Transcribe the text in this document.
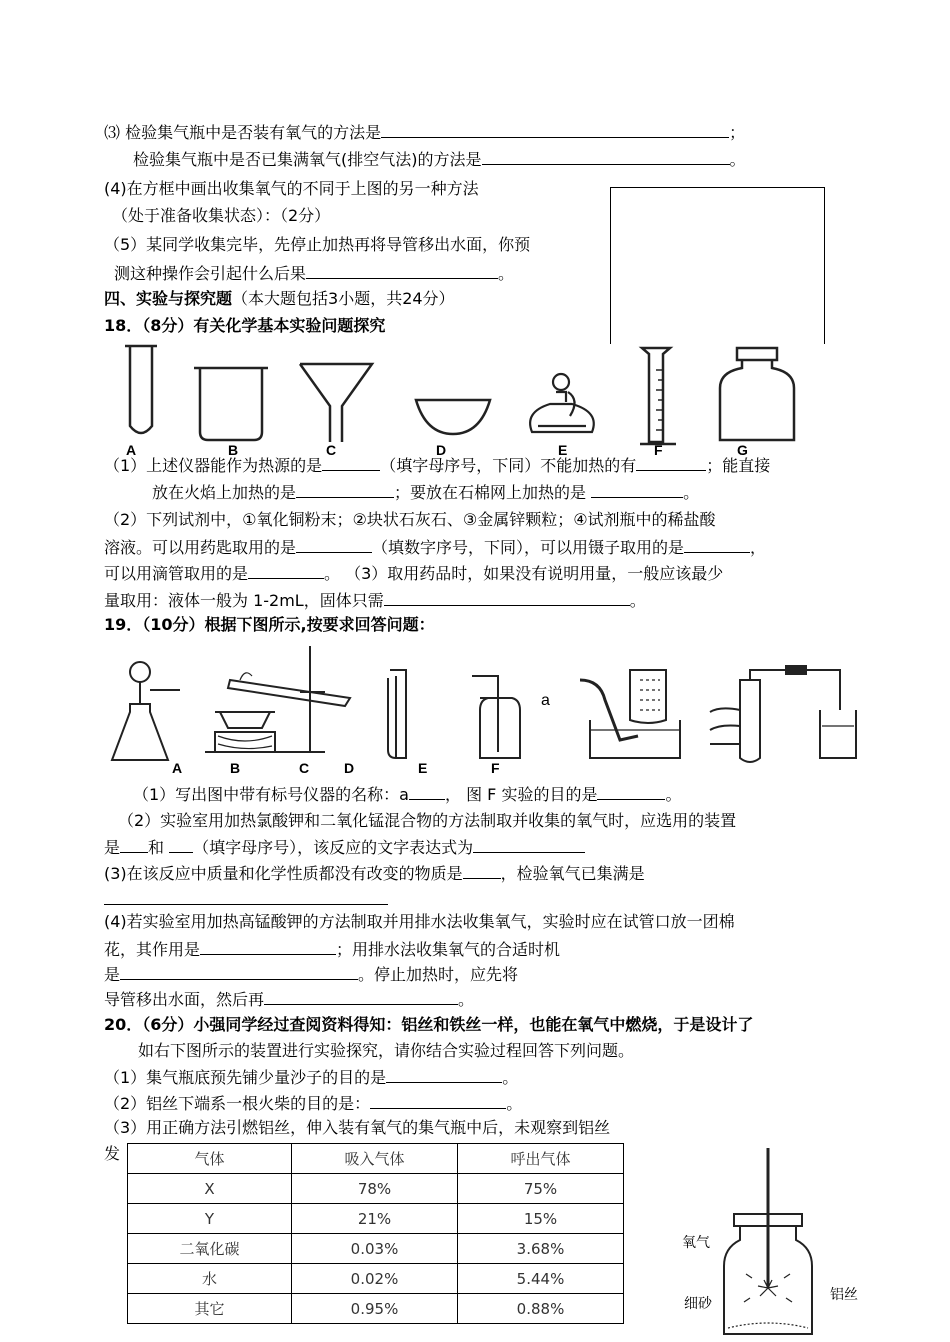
⑶ 检验集气瓶中是否装有氧气的方法是	；
检验集气瓶中是否已集满氧气(排空气法)的方法是	。
(4)在方框中画出收集氧气的不同于上图的另一种方法
（处于准备收集状态）：（2分）
（5）某同学收集完毕，先停止加热再将导管移出水面，你预
测这种操作会引起什么后果	。
四、实验与探究题（本大题包括3小题，共24分）
18．（8分）有关化学基本实验问题探究
A	B	C	D	E	F	G
（1）上述仪器能作为热源的是	（填字母序号，下同）不能加热的有	；能直接
放在火焰上加热的是	；要放在石棉网上加热的是	。
（2）下列试剂中，①氧化铜粉末；②块状石灰石、③金属锌颗粒；④试剂瓶中的稀盐酸
溶液。可以用药匙取用的是	（填数字序号，下同），可以用镊子取用的是	，
可以用滴管取用的是	。 （3）取用药品时，如果没有说明用量，一般应该最少
量取用：液体一般为 1-2mL，固体只需	。
19．（10分）根据下图所示,按要求回答问题：
A	B	C D	E	F
a
（1）写出图中带有标号仪器的名称：a ， 图 F 实验的目的是	。
（2）实验室用加热氯酸钾和二氧化锰混合物的方法制取并收集的氧气时，应选用的装置
是 和 （填字母序号），该反应的文字表达式为
(3)在该反应中质量和化学性质都没有改变的物质是 ，检验氧气已集满是
(4)若实验室用加热高锰酸钾的方法制取并用排水法收集氧气，实验时应在试管口放一团棉
花，其作用是	；用排水法收集氧气的合适时机
是	。停止加热时，应先将
导管移出水面，然后再	。
20．（6分）小强同学经过查阅资料得知：铝丝和铁丝一样，也能在氧气中燃烧，于是设计了
如右下图所示的装置进行实验探究，请你结合实验过程回答下列问题。
（1）集气瓶底预先铺少量沙子的目的是	。
（2）铝丝下端系一根火柴的目的是：	。
（3）用正确方法引燃铝丝，伸入装有氧气的集气瓶中后，未观察到铝丝
发	气体	吸入气体	呼出气体
X	78%	75%
Y	21%	15%
二氧化碳	0.03%	3.68%
水	0.02%	5.44%
其它	0.95%	0.88%
氧气
细砂
铝丝
